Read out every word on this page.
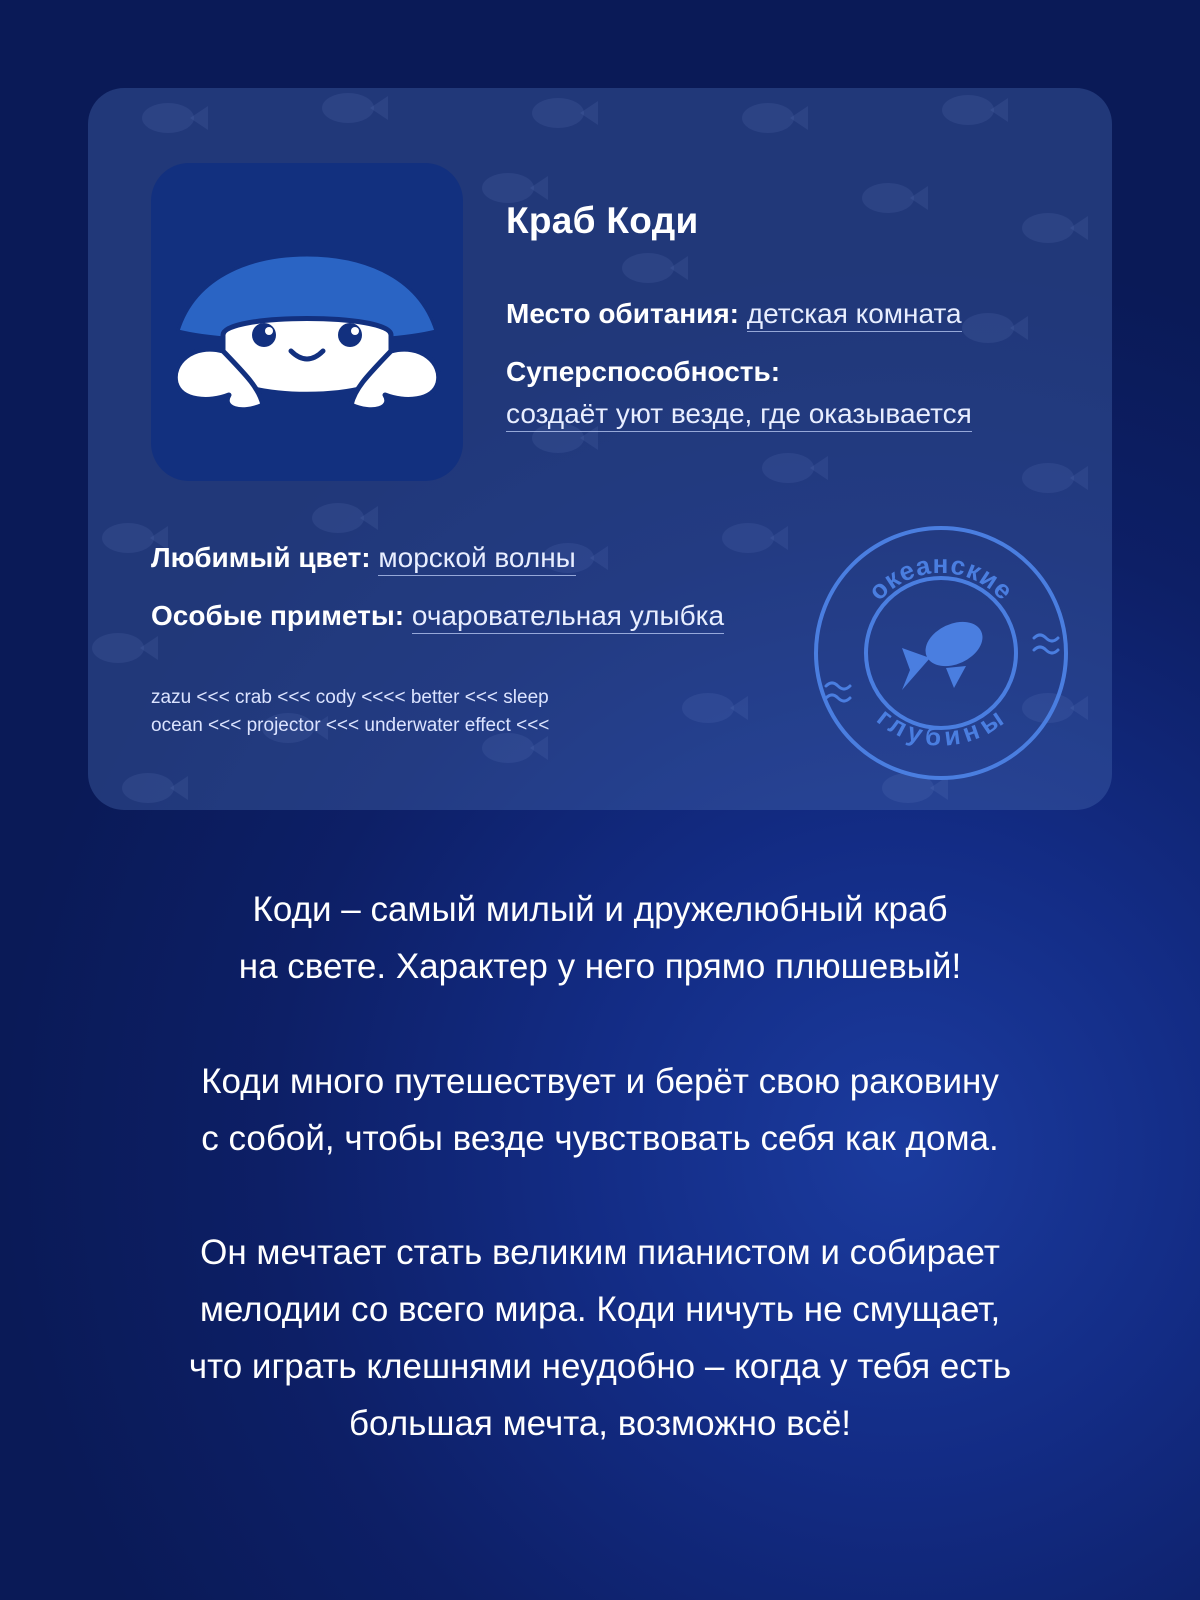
Краб Коди
Место обитания: детская комната
Суперспособность:
создаёт уют везде, где оказывается
Любимый цвет: морской волны
Особые приметы: очаровательная улыбка
zazu <<< crab <<< cody <<<< better <<< sleep
ocean <<< projector <<< underwater effect <<<
океанские
глубины
Коди – самый милый и дружелюбный краб
на свете. Характер у него прямо плюшевый!
Коди много путешествует и берёт свою раковину
с собой, чтобы везде чувствовать себя как дома.
Он мечтает стать великим пианистом и собирает
мелодии со всего мира. Коди ничуть не смущает,
что играть клешнями неудобно – когда у тебя есть
большая мечта, возможно всё!
